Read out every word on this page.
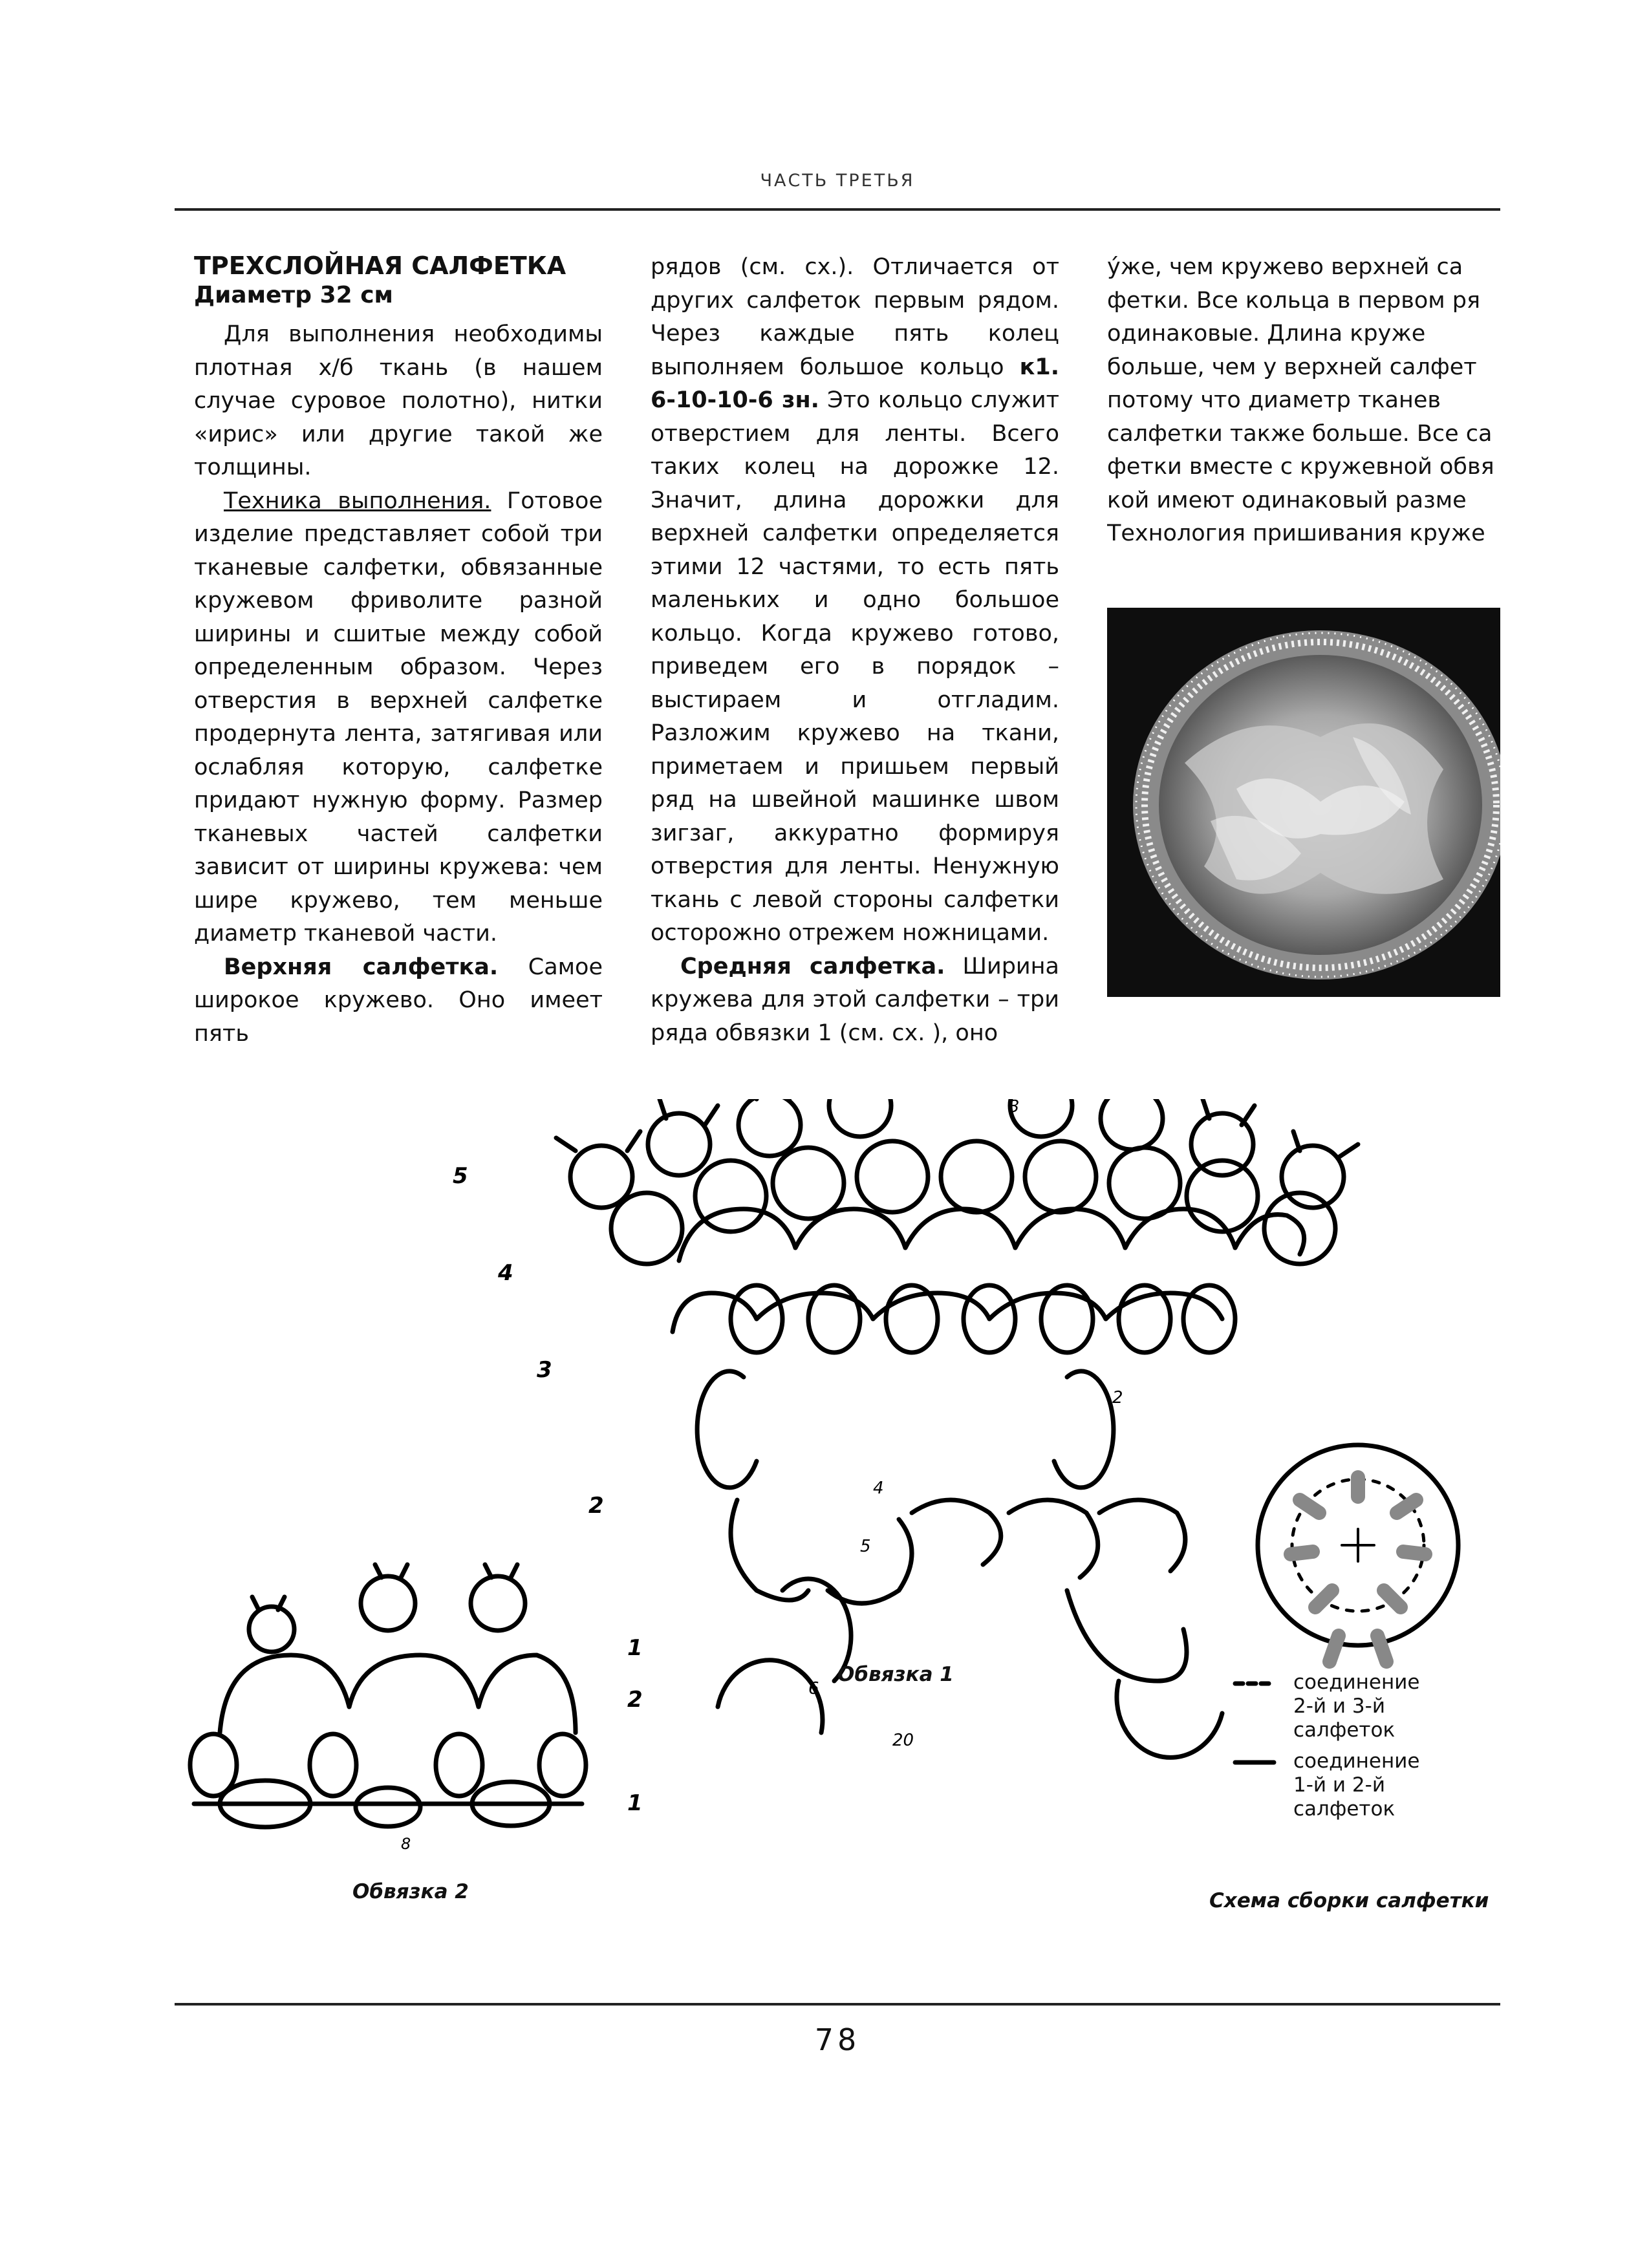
ЧАСТЬ ТРЕТЬЯ

ТРЕХСЛОЙНАЯ САЛФЕТКА

Диаметр 32 см

Для выполнения необходимы плотная х/б ткань (в нашем случае суровое полотно), нитки «ирис» или другие такой же толщины.

Техника выполнения. Готовое изделие представляет собой три тканевые салфетки, обвязанные кружевом фриволите разной ширины и сшитые между собой определенным образом. Через отверстия в верхней салфетке продернута лента, затягивая или ослабляя которую, салфетке придают нужную форму. Размер тканевых частей салфетки зависит от ширины кружева: чем шире кружево, тем меньше диаметр тканевой части.

Верхняя салфетка. Самое широкое кружево. Оно имеет пять

рядов (см. сх.). Отличается от других салфеток первым рядом. Через каждые пять колец выполняем большое кольцо к1. 6-10-10-6 зн. Это кольцо служит отверстием для ленты. Всего таких колец на дорожке 12. Значит, длина дорожки для верхней салфетки определяется этими 12 частями, то есть пять маленьких и одно большое кольцо. Когда кружево готово, приведем его в порядок – выстираем и отгладим. Разложим кружево на ткани, приметаем и пришьем первый ряд на швейной машинке швом зигзаг, аккуратно формируя отверстия для ленты. Ненужную ткань с левой стороны салфетки осторожно отрежем ножницами.

Средняя салфетка. Ширина кружева для этой салфетки – три ряда обвязки 1 (см. сх. ), оно

у́же, чем кружево верхней са
фетки. Все кольца в первом ря
одинаковые. Длина круже
больше, чем у верхней салфет
потому что диаметр тканев
салфетки также больше. Все са
фетки вместе с кружевной обвя
кой имеют одинаковый разме
Технология пришивания круже
5
4
3
2
1
6
20
4
5
3
2
Обвязка 1
2
1
8
Обвязка 2
соединение
2-й и 3-й
салфеток
соединение
1-й и 2-й
салфеток
Схема сборки салфетки
78
